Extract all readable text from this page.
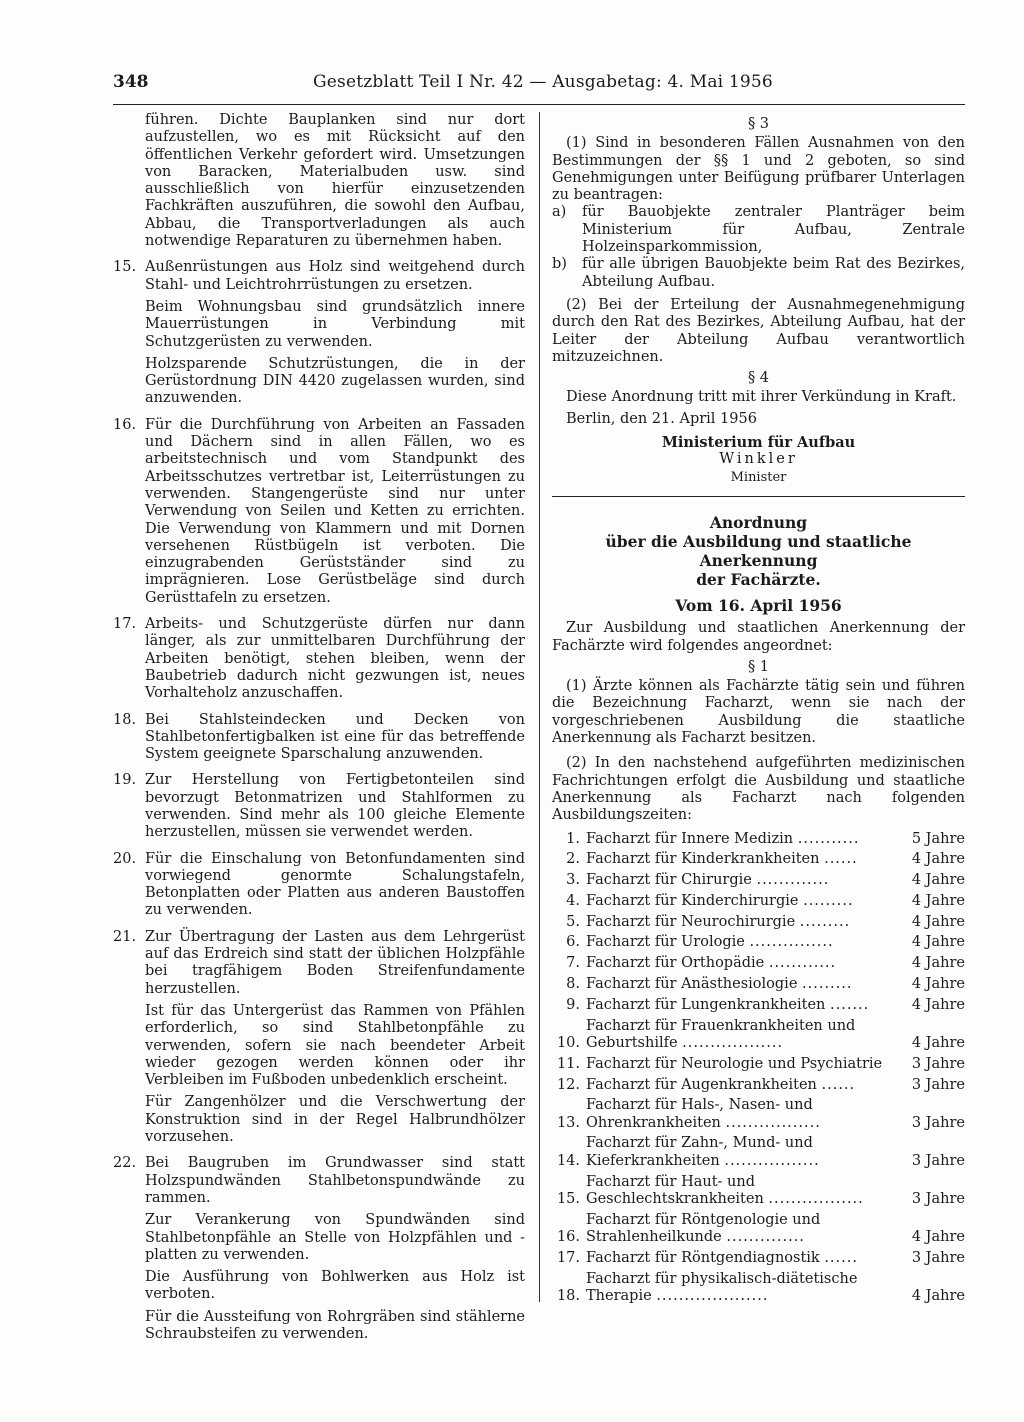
348	Gesetzblatt Teil I Nr. 42 — Ausgabetag: 4. Mai 1956

führen. Dichte Bauplanken sind nur dort aufzustellen, wo es mit Rücksicht auf den öffentlichen Verkehr gefordert wird. Umsetzungen von Baracken, Materialbuden usw. sind ausschließlich von hierfür einzusetzenden Fachkräften auszuführen, die sowohl den Aufbau, Abbau, die Transportverladungen als auch notwendige Reparaturen zu übernehmen haben.

15. Außenrüstungen aus Holz sind weitgehend durch Stahl- und Leichtrohrrüstungen zu ersetzen.

Beim Wohnungsbau sind grundsätzlich innere Mauerrüstungen in Verbindung mit Schutzgerüsten zu verwenden.

Holzsparende Schutzrüstungen, die in der Gerüstordnung DIN 4420 zugelassen wurden, sind anzuwenden.

16. Für die Durchführung von Arbeiten an Fassaden und Dächern sind in allen Fällen, wo es arbeitstechnisch und vom Standpunkt des Arbeitsschutzes vertretbar ist, Leiterrüstungen zu verwenden. Stangengerüste sind nur unter Verwendung von Seilen und Ketten zu errichten. Die Verwendung von Klammern und mit Dornen versehenen Rüstbügeln ist verboten. Die einzugrabenden Gerüstständer sind zu imprägnieren. Lose Gerüstbeläge sind durch Gerüsttafeln zu ersetzen.

17. Arbeits- und Schutzgerüste dürfen nur dann länger, als zur unmittelbaren Durchführung der Arbeiten benötigt, stehen bleiben, wenn der Baubetrieb dadurch nicht gezwungen ist, neues Vorhalteholz anzuschaffen.

18. Bei Stahlsteindecken und Decken von Stahlbetonfertigbalken ist eine für das betreffende System geeignete Sparschalung anzuwenden.

19. Zur Herstellung von Fertigbetonteilen sind bevorzugt Betonmatrizen und Stahlformen zu verwenden. Sind mehr als 100 gleiche Elemente herzustellen, müssen sie verwendet werden.

20. Für die Einschalung von Betonfundamenten sind vorwiegend genormte Schalungstafeln, Betonplatten oder Platten aus anderen Baustoffen zu verwenden.

21. Zur Übertragung der Lasten aus dem Lehrgerüst auf das Erdreich sind statt der üblichen Holzpfähle bei tragfähigem Boden Streifenfundamente herzustellen.

Ist für das Untergerüst das Rammen von Pfählen erforderlich, so sind Stahlbetonpfähle zu verwenden, sofern sie nach beendeter Arbeit wieder gezogen werden können oder ihr Verbleiben im Fußboden unbedenklich erscheint.

Für Zangenhölzer und die Verschwertung der Konstruktion sind in der Regel Halbrundhölzer vorzusehen.

22. Bei Baugruben im Grundwasser sind statt Holzspundwänden Stahlbetonspundwände zu rammen.

Zur Verankerung von Spundwänden sind Stahlbetonpfähle an Stelle von Holzpfählen und -platten zu verwenden.

Die Ausführung von Bohlwerken aus Holz ist verboten.

Für die Aussteifung von Rohrgräben sind stählerne Schraubsteifen zu verwenden.

§ 3

(1) Sind in besonderen Fällen Ausnahmen von den Bestimmungen der §§ 1 und 2 geboten, so sind Genehmigungen unter Beifügung prüfbarer Unterlagen zu beantragen:

a)	für Bauobjekte zentraler Planträger beim Ministerium für Aufbau, Zentrale Holzeinsparkommission,

b)	für alle übrigen Bauobjekte beim Rat des Bezirkes, Abteilung Aufbau.

(2) Bei der Erteilung der Ausnahmegenehmigung durch den Rat des Bezirkes, Abteilung Aufbau, hat der Leiter der Abteilung Aufbau verantwortlich mitzuzeichnen.

§ 4

Diese Anordnung tritt mit ihrer Verkündung in Kraft.

Berlin, den 21. April 1956

Ministerium für Aufbau
Winkler
Minister
Anordnung
über die Ausbildung und staatliche Anerkennung
der Fachärzte.
Vom 16. April 1956

Zur Ausbildung und staatlichen Anerkennung der Fachärzte wird folgendes angeordnet:

§ 1

(1) Ärzte können als Fachärzte tätig sein und führen die Bezeichnung Facharzt, wenn sie nach der vorgeschriebenen Ausbildung die staatliche Anerkennung als Facharzt besitzen.

(2) In den nachstehend aufgeführten medizinischen Fachrichtungen erfolgt die Ausbildung und staatliche Anerkennung als Facharzt nach folgenden Ausbildungszeiten:

1. Facharzt für Innere Medizin ...........	5 Jahre
2. Facharzt für Kinderkrankheiten ......	4 Jahre
3. Facharzt für Chirurgie .............	4 Jahre
4. Facharzt für Kinderchirurgie .........	4 Jahre
5. Facharzt für Neurochirurgie .........	4 Jahre
6. Facharzt für Urologie ...............	4 Jahre
7. Facharzt für Orthopädie ............	4 Jahre
8. Facharzt für Anästhesiologie .........	4 Jahre
9. Facharzt für Lungenkrankheiten .......	4 Jahre
10.
Facharzt für Frauenkrankheiten und Geburtshilfe ..................	4 Jahre
11. Facharzt für Neurologie und Psychiatrie	3 Jahre
12. Facharzt für Augenkrankheiten ......	3 Jahre
13.
Facharzt für Hals-, Nasen- und Ohrenkrankheiten .................	3 Jahre
14.
Facharzt für Zahn-, Mund- und Kieferkrankheiten .................	3 Jahre
15.
Facharzt für Haut- und Geschlechtskrankheiten .................	3 Jahre
16.
Facharzt für Röntgenologie und Strahlenheilkunde ..............	4 Jahre
17. Facharzt für Röntgendiagnostik ......	3 Jahre
18.
Facharzt für physikalisch-diätetische Therapie ....................	4 Jahre
